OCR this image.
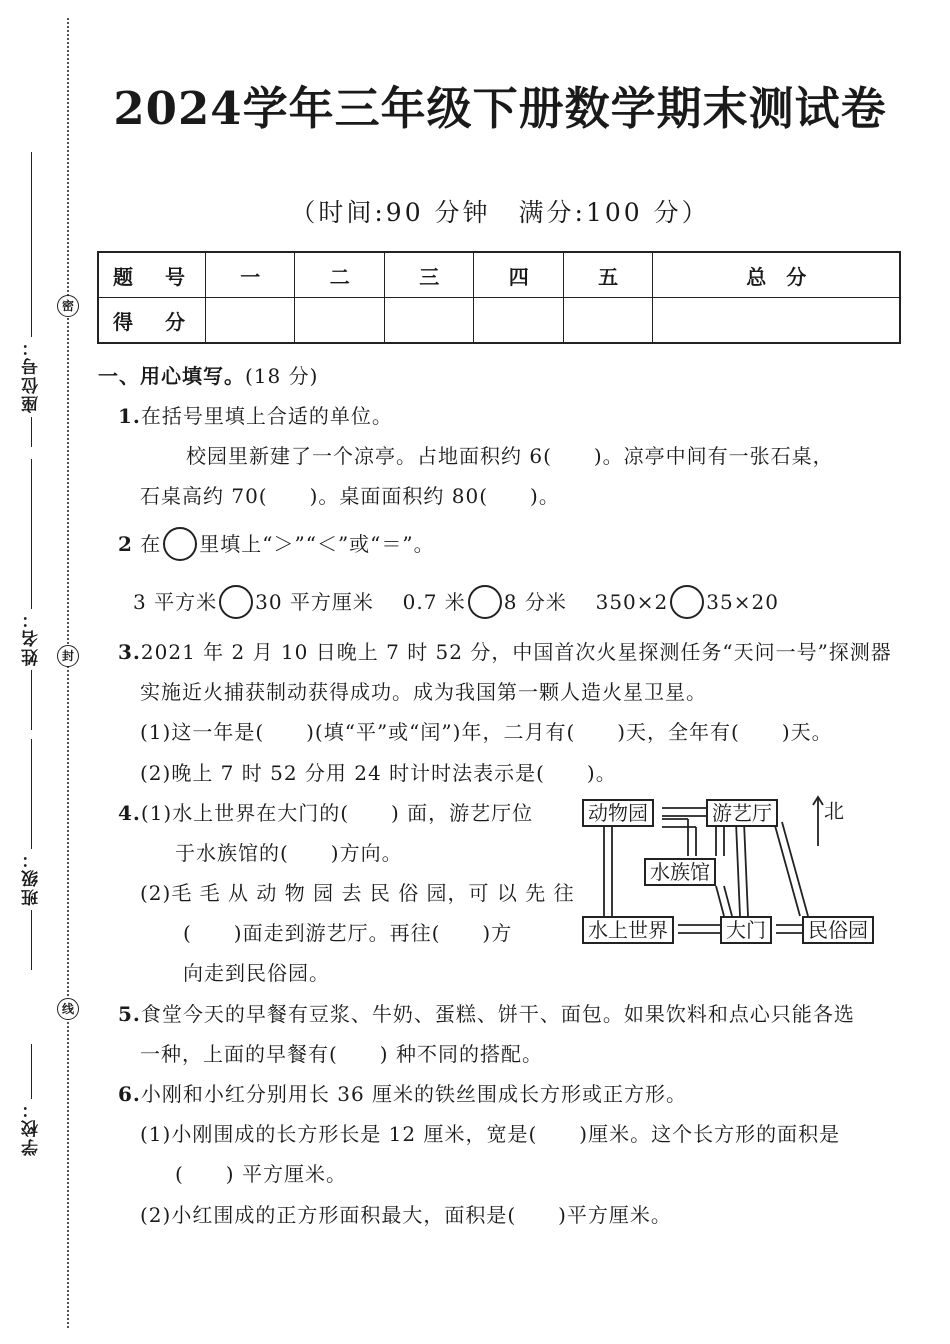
密
封
线
座位号：
姓名：
班级：
学校：
2024学年三年级下册数学期末测试卷
（时间:90 分钟　满分:100 分）
题　号	一	二	三	四	五	总　分
得　分						
一、用心填写。(18 分)
1.在括号里填上合适的单位。
校园里新建了一个凉亭。占地面积约 6(　　)。凉亭中间有一张石桌，
石桌高约 70(　　)。桌面面积约 80(　　)。
2 在 里填上“＞”“＜”或“＝”。
3 平方米 30 平方厘米 0.7 米 8 分米 350×2 35×20
3.2021 年 2 月 10 日晚上 7 时 52 分，中国首次火星探测任务“天问一号”探测器
实施近火捕获制动获得成功。成为我国第一颗人造火星卫星。
(1)这一年是(　　)(填“平”或“闰”)年，二月有(　　)天，全年有(　　)天。
(2)晚上 7 时 52 分用 24 时计时法表示是(　　)。
4.(1)水上世界在大门的(　　) 面，游艺厅位
于水族馆的(　　)方向。
(2)毛 毛 从 动 物 园 去 民 俗 园，可 以 先 往
(　　)面走到游艺厅。再往(　　)方
向走到民俗园。
动物园	游艺厅
水族馆
水上世界	大门	民俗园
北
5.食堂今天的早餐有豆浆、牛奶、蛋糕、饼干、面包。如果饮料和点心只能各选
一种，上面的早餐有(　　) 种不同的搭配。
6.小刚和小红分别用长 36 厘米的铁丝围成长方形或正方形。
(1)小刚围成的长方形长是 12 厘米，宽是(　　)厘米。这个长方形的面积是
(　　) 平方厘米。
(2)小红围成的正方形面积最大，面积是(　　)平方厘米。
